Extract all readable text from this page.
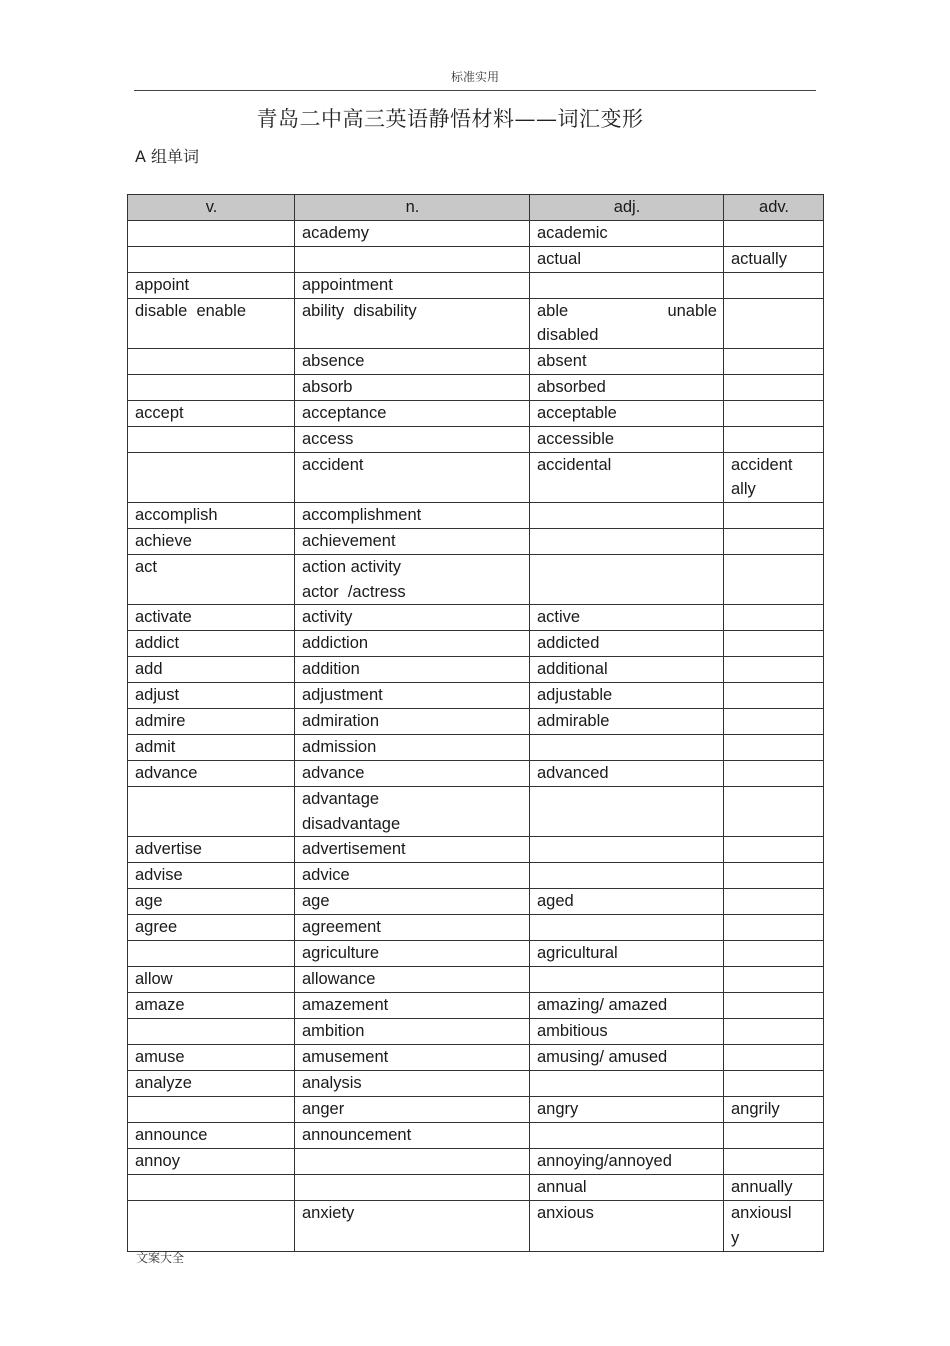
标准实用
青岛二中高三英语静悟材料——词汇变形
A 组单词
v.	n.	adj.	adv.
	academy	academic	
		actual	actually
appoint	appointment		
disable  enable	ability  disability	able unable
disabled	

	absence	absent	
	absorb	absorbed	
accept	acceptance	acceptable	
	access	accessible	
	accident	accidental	accident
ally
accomplish	accomplishment		
achieve	achievement		
act	action activity
actor  /actress		
activate	activity	active	
addict	addiction	addicted	
add	addition	additional	
adjust	adjustment	adjustable	
admire	admiration	admirable	
admit	admission		
advance	advance	advanced	
	advantage
disadvantage		
advertise	advertisement		
advise	advice		
age	age	aged	
agree	agreement		
	agriculture	agricultural	
allow	allowance		
amaze	amazement	amazing/ amazed	
	ambition	ambitious	
amuse	amusement	amusing/ amused	
analyze	analysis		
	anger	angry	angrily
announce	announcement		
annoy		annoying/annoyed	
		annual	annually
	anxiety	anxious	anxiousl
y
文案大全
